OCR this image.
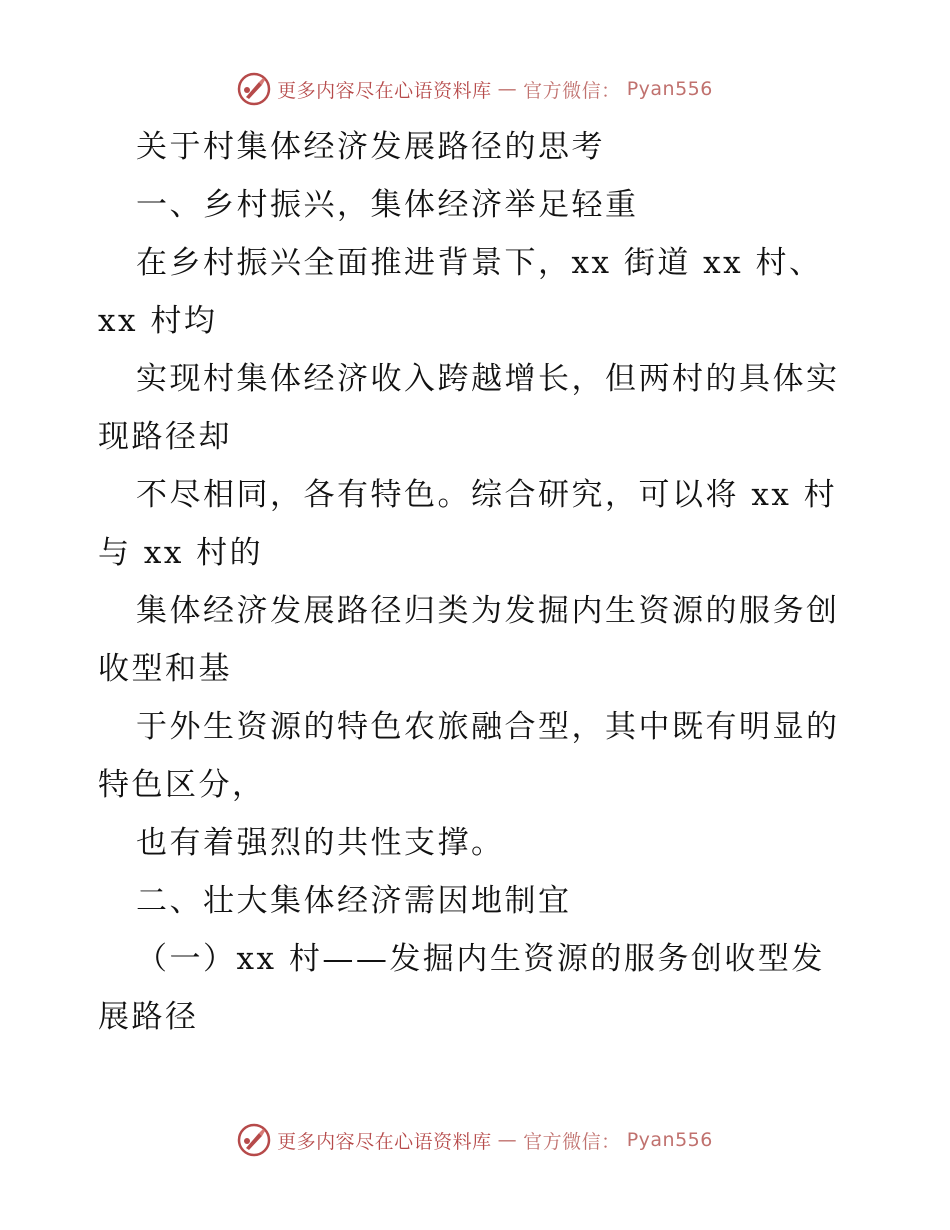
更多内容尽在心语资料库 — 官方微信： Pyan556
关于村集体经济发展路径的思考
一、乡村振兴，集体经济举足轻重
在乡村振兴全面推进背景下，xx 街道 xx 村、
xx 村均
实现村集体经济收入跨越增长，但两村的具体实
现路径却
不尽相同，各有特色。综合研究，可以将 xx 村
与 xx 村的
集体经济发展路径归类为发掘内生资源的服务创
收型和基
于外生资源的特色农旅融合型，其中既有明显的
特色区分，
也有着强烈的共性支撑。
二、壮大集体经济需因地制宜
（一）xx 村——发掘内生资源的服务创收型发
展路径
更多内容尽在心语资料库 — 官方微信： Pyan556
